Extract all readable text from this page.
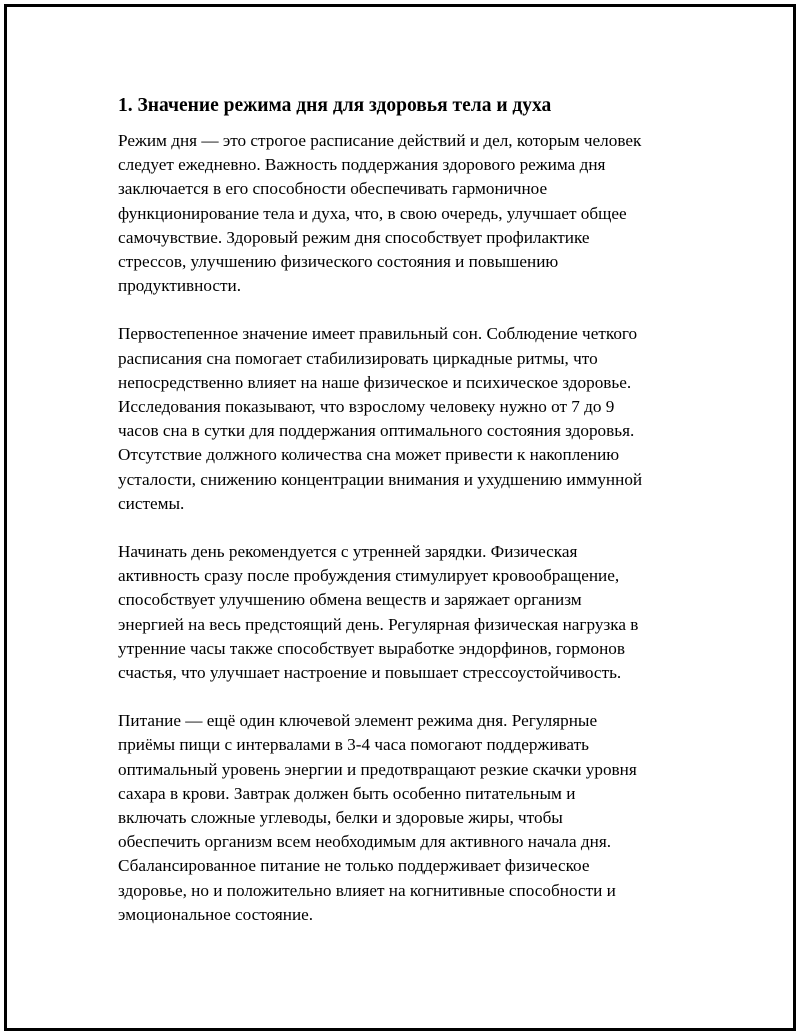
1. Значение режима дня для здоровья тела и духа

Режим дня — это строгое расписание действий и дел, которым человек
следует ежедневно. Важность поддержания здорового режима дня
заключается в его способности обеспечивать гармоничное
функционирование тела и духа, что, в свою очередь, улучшает общее
самочувствие. Здоровый режим дня способствует профилактике
стрессов, улучшению физического состояния и повышению
продуктивности.

Первостепенное значение имеет правильный сон. Соблюдение четкого
расписания сна помогает стабилизировать циркадные ритмы, что
непосредственно влияет на наше физическое и психическое здоровье.
Исследования показывают, что взрослому человеку нужно от 7 до 9
часов сна в сутки для поддержания оптимального состояния здоровья.
Отсутствие должного количества сна может привести к накоплению
усталости, снижению концентрации внимания и ухудшению иммунной
системы.

Начинать день рекомендуется с утренней зарядки. Физическая
активность сразу после пробуждения стимулирует кровообращение,
способствует улучшению обмена веществ и заряжает организм
энергией на весь предстоящий день. Регулярная физическая нагрузка в
утренние часы также способствует выработке эндорфинов, гормонов
счастья, что улучшает настроение и повышает стрессоустойчивость.

Питание — ещё один ключевой элемент режима дня. Регулярные
приёмы пищи с интервалами в 3-4 часа помогают поддерживать
оптимальный уровень энергии и предотвращают резкие скачки уровня
сахара в крови. Завтрак должен быть особенно питательным и
включать сложные углеводы, белки и здоровые жиры, чтобы
обеспечить организм всем необходимым для активного начала дня.
Сбалансированное питание не только поддерживает физическое
здоровье, но и положительно влияет на когнитивные способности и
эмоциональное состояние.
